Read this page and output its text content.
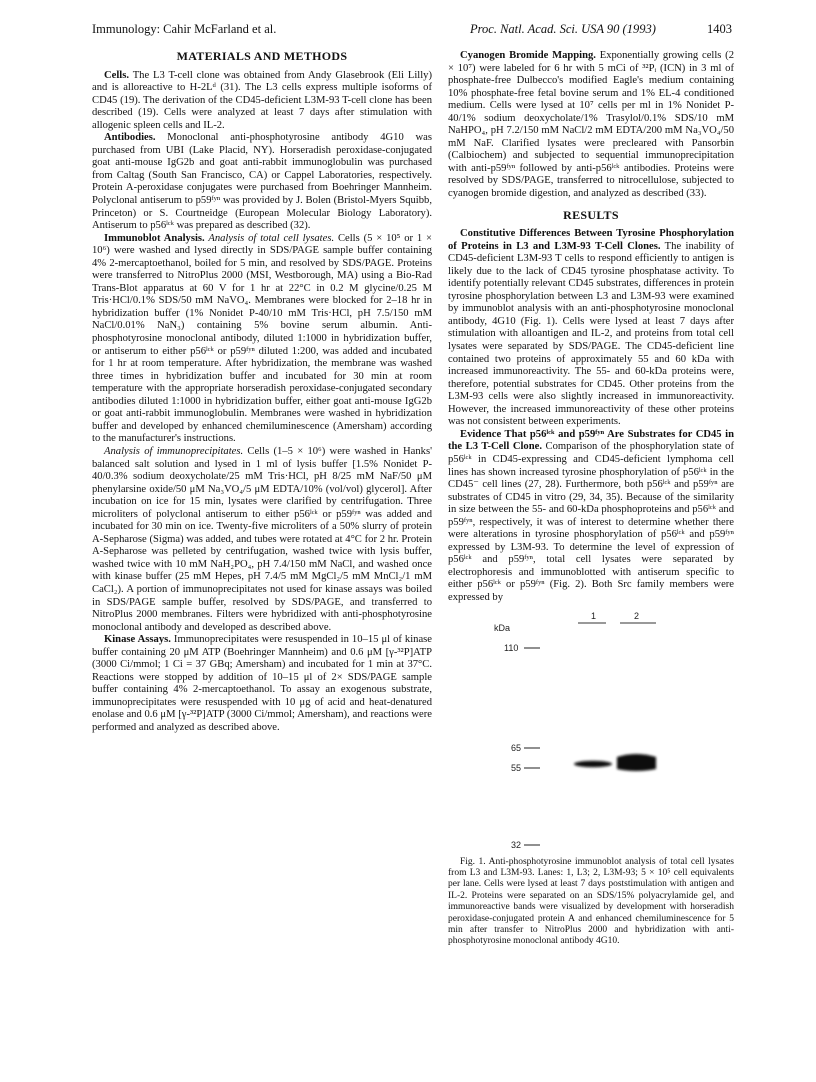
Immunology: Cahir McFarland et al.	Proc. Natl. Acad. Sci. USA 90 (1993)	1403
MATERIALS AND METHODS

Cells. The L3 T-cell clone was obtained from Andy Glasebrook (Eli Lilly) and is alloreactive to H-2Lᵈ (31). The L3 cells express multiple isoforms of CD45 (19). The derivation of the CD45-deficient L3M-93 T-cell clone has been described (19). Cells were analyzed at least 7 days after stimulation with allogenic spleen cells and IL-2.

Antibodies. Monoclonal anti-phosphotyrosine antibody 4G10 was purchased from UBI (Lake Placid, NY). Horseradish peroxidase-conjugated goat anti-mouse IgG2b and goat anti-rabbit immunoglobulin was purchased from Caltag (South San Francisco, CA) or Cappel Laboratories, respectively. Protein A-peroxidase conjugates were purchased from Boehringer Mannheim. Polyclonal antiserum to p59ᶠʸⁿ was provided by J. Bolen (Bristol-Myers Squibb, Princeton) or S. Courtneidge (European Molecular Biology Laboratory). Antiserum to p56ˡᶜᵏ was prepared as described (32).

Immunoblot Analysis. Analysis of total cell lysates. Cells (5 × 10⁵ or 1 × 10⁶) were washed and lysed directly in SDS/PAGE sample buffer containing 4% 2-mercaptoethanol, boiled for 5 min, and resolved by SDS/PAGE. Proteins were transferred to NitroPlus 2000 (MSI, Westborough, MA) using a Bio-Rad Trans-Blot apparatus at 60 V for 1 hr at 22°C in 0.2 M glycine/0.25 M Tris·HCl/0.1% SDS/50 mM NaVO₄. Membranes were blocked for 2–18 hr in hybridization buffer (1% Nonidet P-40/10 mM Tris·HCl, pH 7.5/150 mM NaCl/0.01% NaN₃) containing 5% bovine serum albumin. Anti-phosphotyrosine monoclonal antibody, diluted 1:1000 in hybridization buffer, or antiserum to either p56ˡᶜᵏ or p59ᶠʸⁿ diluted 1:200, was added and incubated for 1 hr at room temperature. After hybridization, the membrane was washed three times in hybridization buffer and incubated for 30 min at room temperature with the appropriate horseradish peroxidase-conjugated secondary antibodies diluted 1:1000 in hybridization buffer, either goat anti-mouse IgG2b or goat anti-rabbit immunoglobulin. Membranes were washed in hybridization buffer and developed by enhanced chemiluminescence (Amersham) according to the manufacturer's instructions.

Analysis of immunoprecipitates. Cells (1–5 × 10⁶) were washed in Hanks' balanced salt solution and lysed in 1 ml of lysis buffer [1.5% Nonidet P-40/0.3% sodium deoxycholate/25 mM Tris·HCl, pH 8/25 mM NaF/50 μM phenylarsine oxide/50 μM Na₃VO₄/5 μM EDTA/10% (vol/vol) glycerol]. After incubation on ice for 15 min, lysates were clarified by centrifugation. Three microliters of polyclonal antiserum to either p56ˡᶜᵏ or p59ᶠʸⁿ was added and incubated for 30 min on ice. Twenty-five microliters of a 50% slurry of protein A-Sepharose (Sigma) was added, and tubes were rotated at 4°C for 2 hr. Protein A-Sepharose was pelleted by centrifugation, washed twice with lysis buffer, washed twice with 10 mM NaH₂PO₄, pH 7.4/150 mM NaCl, and washed once with kinase buffer (25 mM Hepes, pH 7.4/5 mM MgCl₂/5 mM MnCl₂/1 mM CaCl₂). A portion of immunoprecipitates not used for kinase assays was boiled in SDS/PAGE sample buffer, resolved by SDS/PAGE, and transferred to NitroPlus 2000 membranes. Filters were hybridized with anti-phosphotyrosine monoclonal antibody and developed as described above.

Kinase Assays. Immunoprecipitates were resuspended in 10–15 μl of kinase buffer containing 20 μM ATP (Boehringer Mannheim) and 0.6 μM [γ-³²P]ATP (3000 Ci/mmol; 1 Ci = 37 GBq; Amersham) and incubated for 1 min at 37°C. Reactions were stopped by addition of 10–15 μl of 2× SDS/PAGE sample buffer containing 4% 2-mercaptoethanol. To assay an exogenous substrate, immunoprecipitates were resuspended with 10 μg of acid and heat-denatured enolase and 0.6 μM [γ-³²P]ATP (3000 Ci/mmol; Amersham), and reactions were performed and analyzed as described above.

Cyanogen Bromide Mapping. Exponentially growing cells (2 × 10⁷) were labeled for 6 hr with 5 mCi of ³²Pᵢ (ICN) in 3 ml of phosphate-free Dulbecco's modified Eagle's medium containing 10% phosphate-free fetal bovine serum and 1% EL-4 conditioned medium. Cells were lysed at 10⁷ cells per ml in 1% Nonidet P-40/1% sodium deoxycholate/1% Trasylol/0.1% SDS/10 mM NaHPO₄, pH 7.2/150 mM NaCl/2 mM EDTA/200 mM Na₃VO₄/50 mM NaF. Clarified lysates were precleared with Pansorbin (Calbiochem) and subjected to sequential immunoprecipitation with anti-p59ᶠʸⁿ followed by anti-p56ˡᶜᵏ antibodies. Proteins were resolved by SDS/PAGE, transferred to nitrocellulose, subjected to cyanogen bromide digestion, and analyzed as described (33).

RESULTS

Constitutive Differences Between Tyrosine Phosphorylation of Proteins in L3 and L3M-93 T-Cell Clones. The inability of CD45-deficient L3M-93 T cells to respond efficiently to antigen is likely due to the lack of CD45 tyrosine phosphatase activity. To identify potentially relevant CD45 substrates, differences in protein tyrosine phosphorylation between L3 and L3M-93 were examined by immunoblot analysis with an anti-phosphotyrosine monoclonal antibody, 4G10 (Fig. 1). Cells were lysed at least 7 days after stimulation with alloantigen and IL-2, and proteins from total cell lysates were separated by SDS/PAGE. The CD45-deficient line contained two proteins of approximately 55 and 60 kDa with increased immunoreactivity. The 55- and 60-kDa proteins were, therefore, potential substrates for CD45. Other proteins from the L3M-93 cells were also slightly increased in immunoreactivity. However, the increased immunoreactivity of these other proteins was not consistent between experiments.

Evidence That p56ˡᶜᵏ and p59ᶠʸⁿ Are Substrates for CD45 in the L3 T-Cell Clone. Comparison of the phosphorylation state of p56ˡᶜᵏ in CD45-expressing and CD45-deficient lymphoma cell lines has shown increased tyrosine phosphorylation of p56ˡᶜᵏ in the CD45⁻ cell lines (27, 28). Furthermore, both p56ˡᶜᵏ and p59ᶠʸⁿ are substrates of CD45 in vitro (29, 34, 35). Because of the similarity in size between the 55- and 60-kDa phosphoproteins and p56ˡᶜᵏ and p59ᶠʸⁿ, respectively, it was of interest to determine whether there were alterations in tyrosine phosphorylation of p56ˡᶜᵏ and p59ᶠʸⁿ expressed by L3M-93. To determine the level of expression of p56ˡᶜᵏ and p59ᶠʸⁿ, total cell lysates were separated by electrophoresis and immunoblotted with antiserum specific to either p56ˡᶜᵏ or p59ᶠʸⁿ (Fig. 2). Both Src family members were expressed by

kDa
1	2
110
65
55
32

Fig. 1. Anti-phosphotyrosine immunoblot analysis of total cell lysates from L3 and L3M-93. Lanes: 1, L3; 2, L3M-93; 5 × 10⁵ cell equivalents per lane. Cells were lysed at least 7 days poststimulation with antigen and IL-2. Proteins were separated on an SDS/15% polyacrylamide gel, and immunoreactive bands were visualized by development with horseradish peroxidase-conjugated protein A and enhanced chemiluminescence for 5 min after transfer to NitroPlus 2000 and hybridization with anti-phosphotyrosine monoclonal antibody 4G10.
